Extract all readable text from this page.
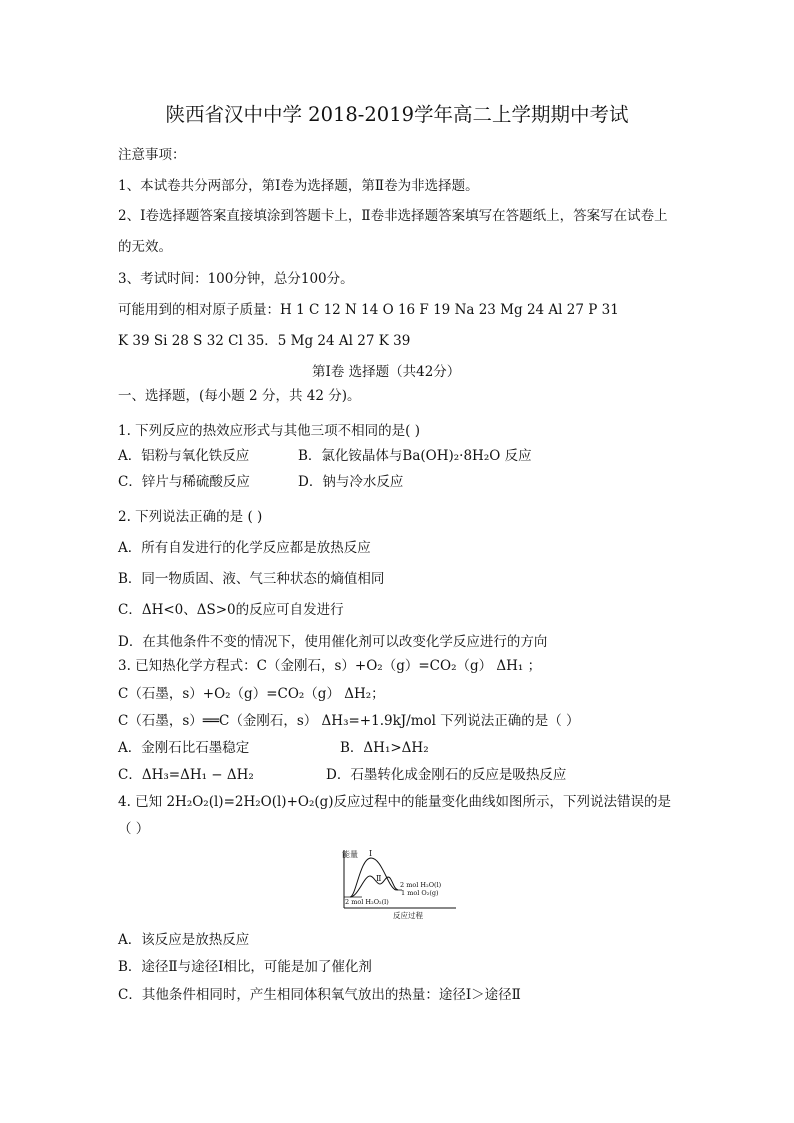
陕西省汉中中学 2018-2019学年高二上学期期中考试
注意事项：
1、本试卷共分两部分，第Ⅰ卷为选择题，第Ⅱ卷为非选择题。
2、Ⅰ卷选择题答案直接填涂到答题卡上，Ⅱ卷非选择题答案填写在答题纸上，答案写在试卷上
的无效。
3、考试时间：100分钟，总分100分。
可能用到的相对原子质量：H 1 C 12 N 14 O 16 F 19 Na 23 Mg 24 Al 27 P 31
K 39 Si 28 S 32 Cl 35．5 Mg 24 Al 27 K 39
第Ⅰ卷 选择题（共42分）
一、选择题，(每小题 2 分，共 42 分)。
1. 下列反应的热效应形式与其他三项不相同的是( )
A．铝粉与氧化铁反应	B．氯化铵晶体与Ba(OH)₂·8H₂O 反应
C．锌片与稀硫酸反应	D．钠与冷水反应
2. 下列说法正确的是 ( )
A．所有自发进行的化学反应都是放热反应
B．同一物质固、液、气三种状态的熵值相同
C．ΔH<0、ΔS>0的反应可自发进行
D．在其他条件不变的情况下，使用催化剂可以改变化学反应进行的方向
3. 已知热化学方程式：C（金刚石，s）+O₂（g）=CO₂（g） ΔH₁ ；
C（石墨，s）+O₂（g）=CO₂（g） ΔH₂；
C（石墨，s）══C（金刚石，s） ΔH₃=+1.9kJ/mol 下列说法正确的是（ ）
A．金刚石比石墨稳定	B．ΔH₁>ΔH₂
C．ΔH₃=ΔH₁ − ΔH₂	D．石墨转化成金刚石的反应是吸热反应
4. 已知 2H₂O₂(l)=2H₂O(l)+O₂(g)反应过程中的能量变化曲线如图所示，下列说法错误的是
（ ）
能量
反应过程
Ⅰ
Ⅱ
2 mol H₂O₂(l)
2 mol H₂O(l)
1 mol O₂(g)
A．该反应是放热反应
B．途径Ⅱ与途径Ⅰ相比，可能是加了催化剂
C．其他条件相同时，产生相同体积氧气放出的热量：途径Ⅰ＞途径Ⅱ
